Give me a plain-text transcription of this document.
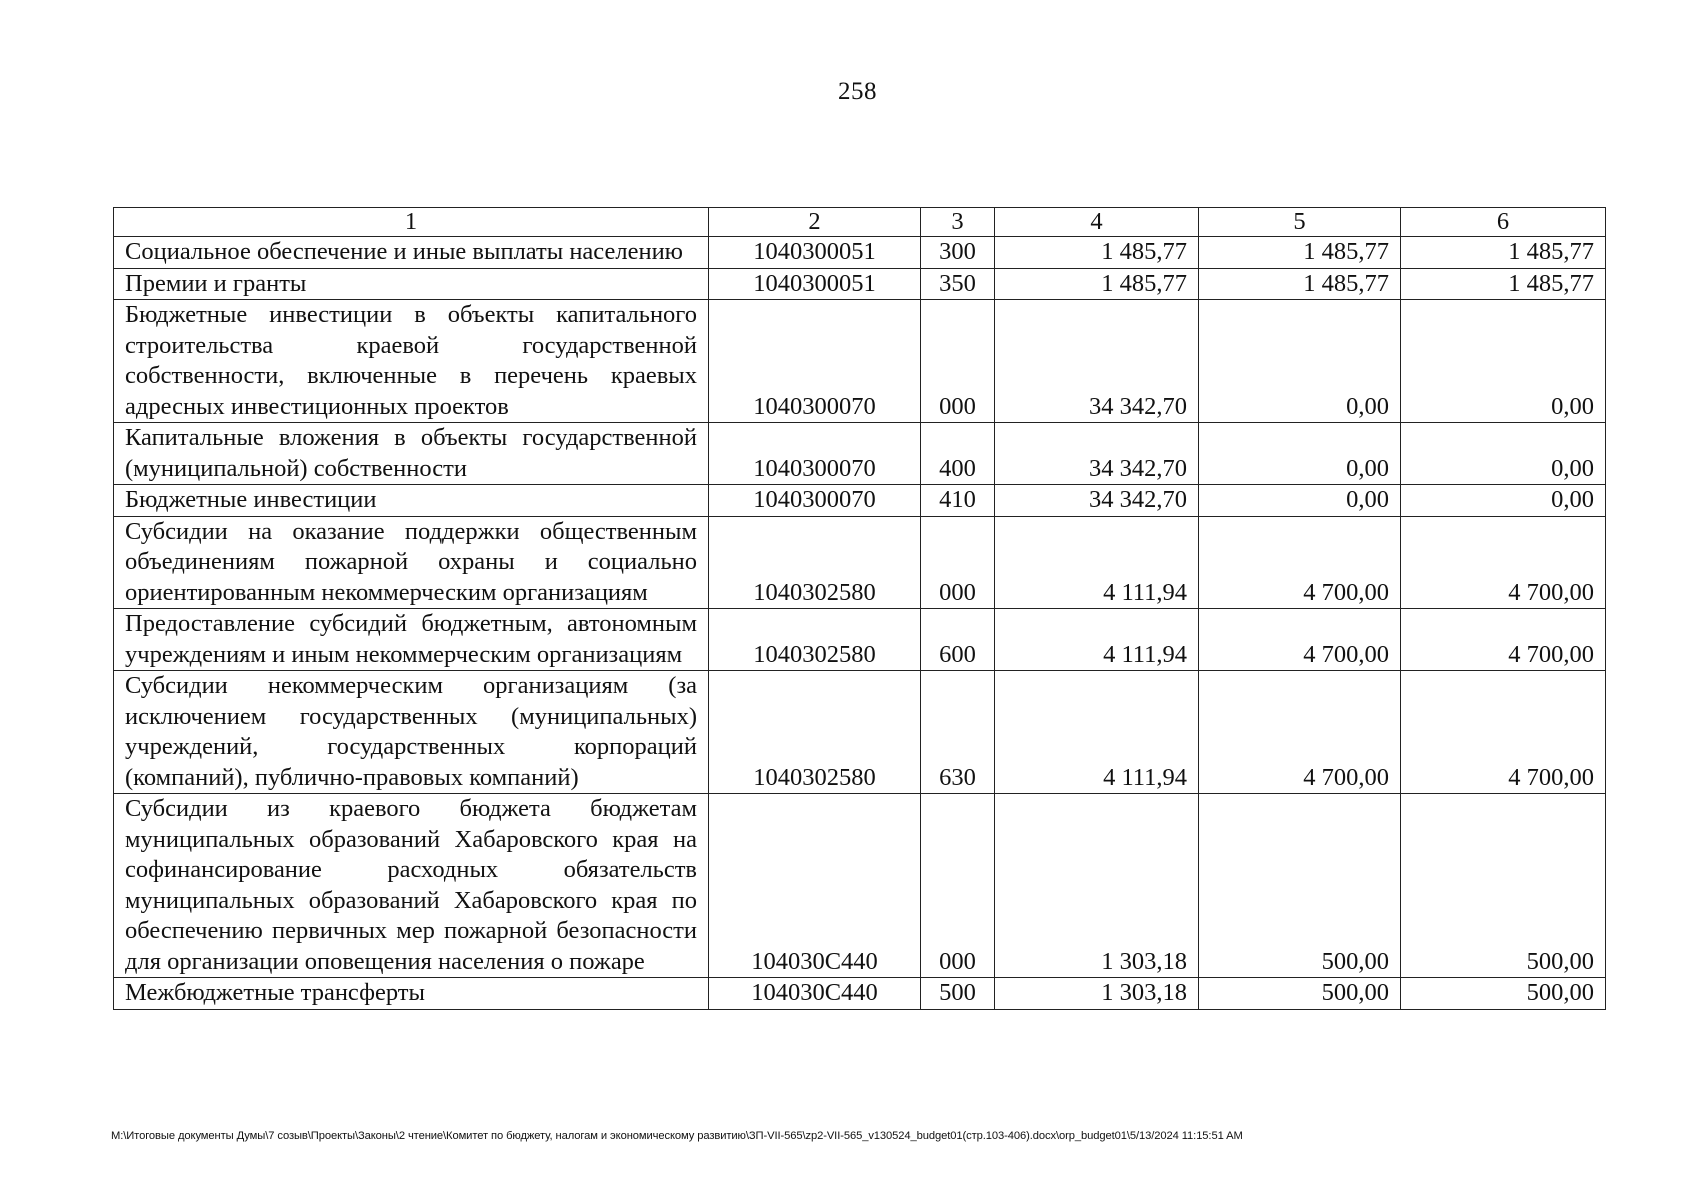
258
1	2	3	4	5	6
Социальное обеспечение и иные выплаты населению	1040300051	300	1 485,77	1 485,77	1 485,77
Премии и гранты	1040300051	350	1 485,77	1 485,77	1 485,77
Бюджетные инвестиции в объекты капитального строительства краевой государственной собственности, включенные в перечень краевых адресных инвестиционных проектов	1040300070	000	34 342,70	0,00	0,00
Капитальные вложения в объекты государственной (муниципальной) собственности	1040300070	400	34 342,70	0,00	0,00
Бюджетные инвестиции	1040300070	410	34 342,70	0,00	0,00
Субсидии на оказание поддержки общественным объединениям пожарной охраны и социально ориентированным некоммерческим организациям	1040302580	000	4 111,94	4 700,00	4 700,00
Предоставление субсидий бюджетным, автономным учреждениям и иным некоммерческим организациям	1040302580	600	4 111,94	4 700,00	4 700,00
Субсидии некоммерческим организациям (за исключением государственных (муниципальных) учреждений, государственных корпораций (компаний), публично-правовых компаний)	1040302580	630	4 111,94	4 700,00	4 700,00
Субсидии из краевого бюджета бюджетам муниципальных образований Хабаровского края на софинансирование расходных обязательств муниципальных образований Хабаровского края по обеспечению первичных мер пожарной безопасности для организации оповещения населения о пожаре	104030С440	000	1 303,18	500,00	500,00
Межбюджетные трансферты	104030С440	500	1 303,18	500,00	500,00
M:\Итоговые документы Думы\7 созыв\Проекты\Законы\2 чтение\Комитет по бюджету, налогам и экономическому развитию\ЗП-VII-565\zp2-VII-565_v130524_budget01(стр.103-406).docx\orp_budget01\5/13/2024 11:15:51 AM
